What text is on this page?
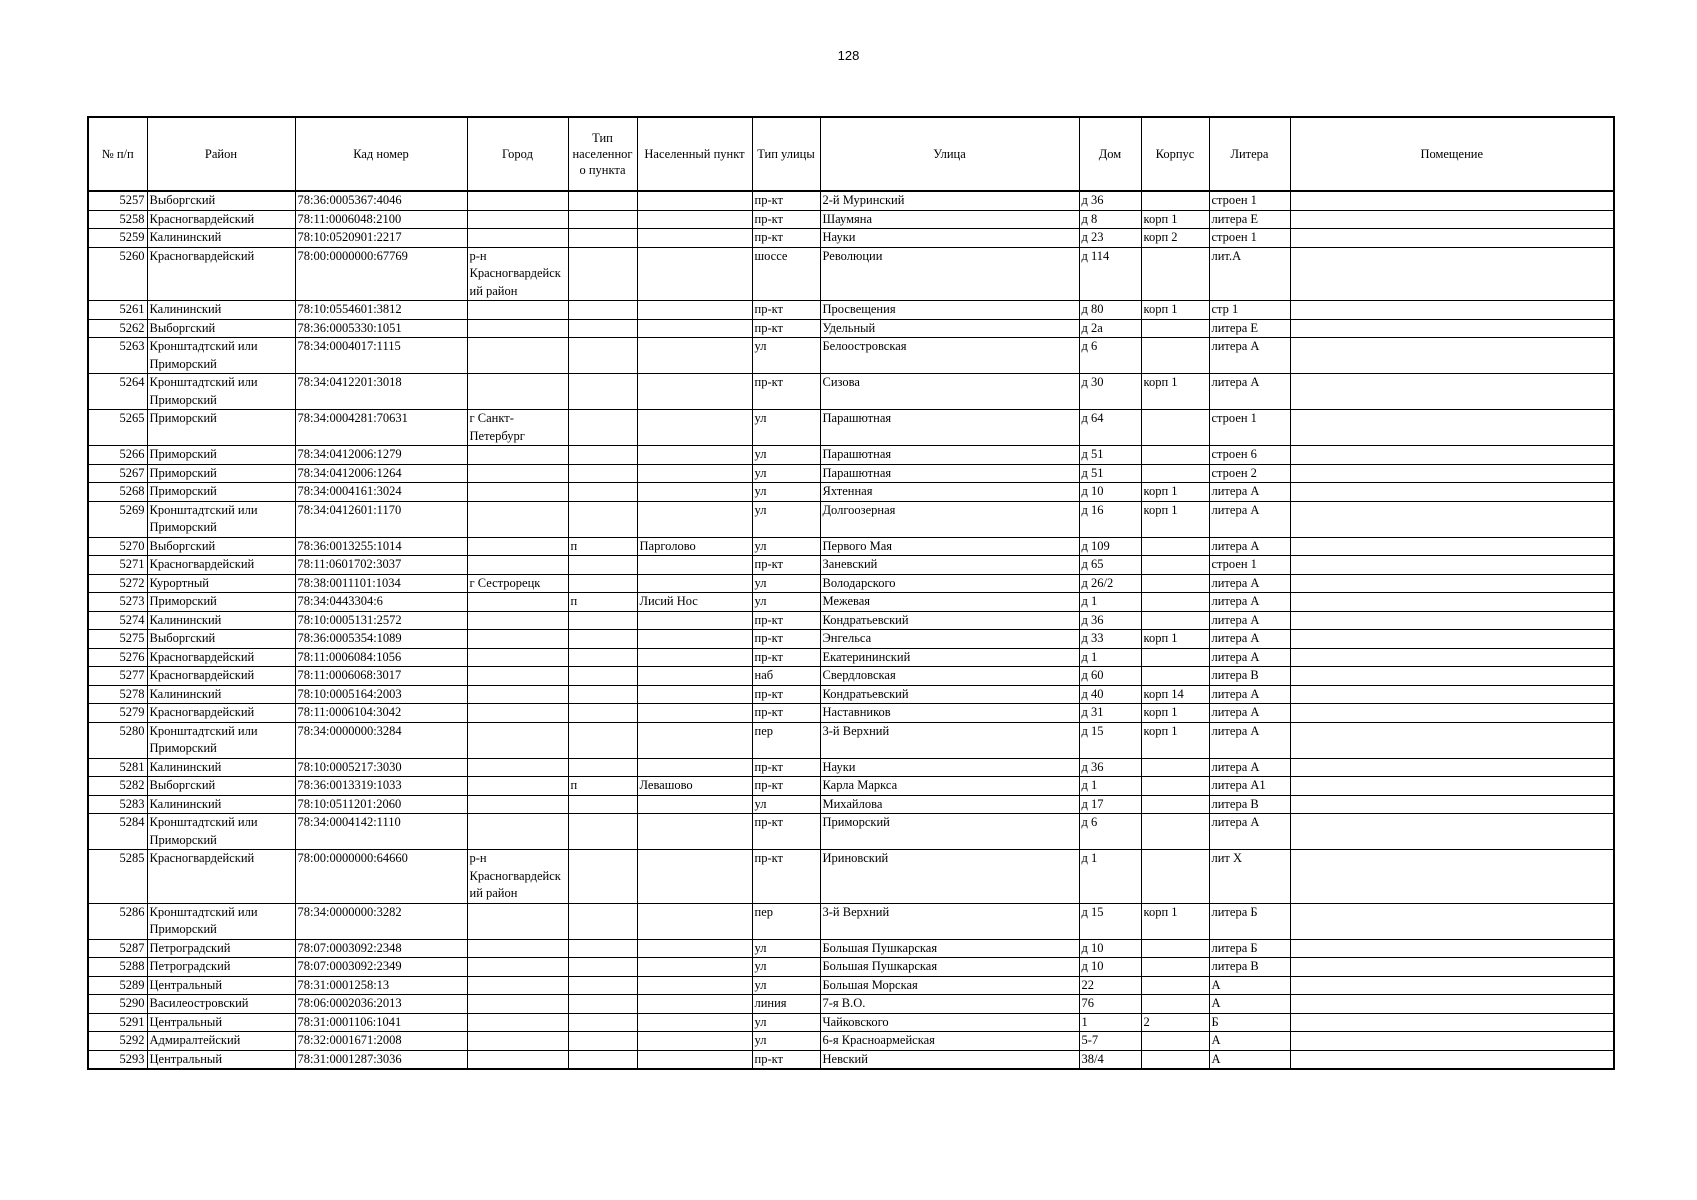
128
№ п/п	Район	Кад номер	Город	Тип населенного пункта	Населенный пункт	Тип улицы	Улица	Дом	Корпус	Литера	Помещение
5257	Выборгский	78:36:0005367:4046				пр-кт	2-й Муринский	д 36		строен 1	
5258	Красногвардейский	78:11:0006048:2100				пр-кт	Шаумяна	д 8	корп 1	литера Е	
5259	Калининский	78:10:0520901:2217				пр-кт	Науки	д 23	корп 2	строен 1	
5260	Красногвардейский	78:00:0000000:67769	р-н Красногвардейский район			шоссе	Революции	д 114		лит.А	
5261	Калининский	78:10:0554601:3812				пр-кт	Просвещения	д 80	корп 1	стр 1	
5262	Выборгский	78:36:0005330:1051				пр-кт	Удельный	д 2а		литера Е	
5263	Кронштадтский или Приморский	78:34:0004017:1115				ул	Белоостровская	д 6		литера А	
5264	Кронштадтский или Приморский	78:34:0412201:3018				пр-кт	Сизова	д 30	корп 1	литера А	
5265	Приморский	78:34:0004281:70631	г Санкт-Петербург			ул	Парашютная	д 64		строен 1	
5266	Приморский	78:34:0412006:1279				ул	Парашютная	д 51		строен 6	
5267	Приморский	78:34:0412006:1264				ул	Парашютная	д 51		строен 2	
5268	Приморский	78:34:0004161:3024				ул	Яхтенная	д 10	корп 1	литера А	
5269	Кронштадтский или Приморский	78:34:0412601:1170				ул	Долгоозерная	д 16	корп 1	литера А	
5270	Выборгский	78:36:0013255:1014		п	Парголово	ул	Первого Мая	д 109		литера А	
5271	Красногвардейский	78:11:0601702:3037				пр-кт	Заневский	д 65		строен 1	
5272	Курортный	78:38:0011101:1034	г Сестрорецк			ул	Володарского	д 26/2		литера А	
5273	Приморский	78:34:0443304:6		п	Лисий Нос	ул	Межевая	д 1		литера А	
5274	Калининский	78:10:0005131:2572				пр-кт	Кондратьевский	д 36		литера А	
5275	Выборгский	78:36:0005354:1089				пр-кт	Энгельса	д 33	корп 1	литера А	
5276	Красногвардейский	78:11:0006084:1056				пр-кт	Екатерининский	д 1		литера А	
5277	Красногвардейский	78:11:0006068:3017				наб	Свердловская	д 60		литера В	
5278	Калининский	78:10:0005164:2003				пр-кт	Кондратьевский	д 40	корп 14	литера А	
5279	Красногвардейский	78:11:0006104:3042				пр-кт	Наставников	д 31	корп 1	литера А	
5280	Кронштадтский или Приморский	78:34:0000000:3284				пер	3-й Верхний	д 15	корп 1	литера А	
5281	Калининский	78:10:0005217:3030				пр-кт	Науки	д 36		литера А	
5282	Выборгский	78:36:0013319:1033		п	Левашово	пр-кт	Карла Маркса	д 1		литера А1	
5283	Калининский	78:10:0511201:2060				ул	Михайлова	д 17		литера В	
5284	Кронштадтский или Приморский	78:34:0004142:1110				пр-кт	Приморский	д 6		литера А	
5285	Красногвардейский	78:00:0000000:64660	р-н Красногвардейский район			пр-кт	Ириновский	д 1		лит Х	
5286	Кронштадтский или Приморский	78:34:0000000:3282				пер	3-й Верхний	д 15	корп 1	литера Б	
5287	Петроградский	78:07:0003092:2348				ул	Большая Пушкарская	д 10		литера Б	
5288	Петроградский	78:07:0003092:2349				ул	Большая Пушкарская	д 10		литера В	
5289	Центральный	78:31:0001258:13				ул	Большая Морская	22		А	
5290	Василеостровский	78:06:0002036:2013				линия	7-я В.О.	76		А	
5291	Центральный	78:31:0001106:1041				ул	Чайковского	1	2	Б	
5292	Адмиралтейский	78:32:0001671:2008				ул	6-я Красноармейская	5-7		А	
5293	Центральный	78:31:0001287:3036				пр-кт	Невский	38/4		А	
